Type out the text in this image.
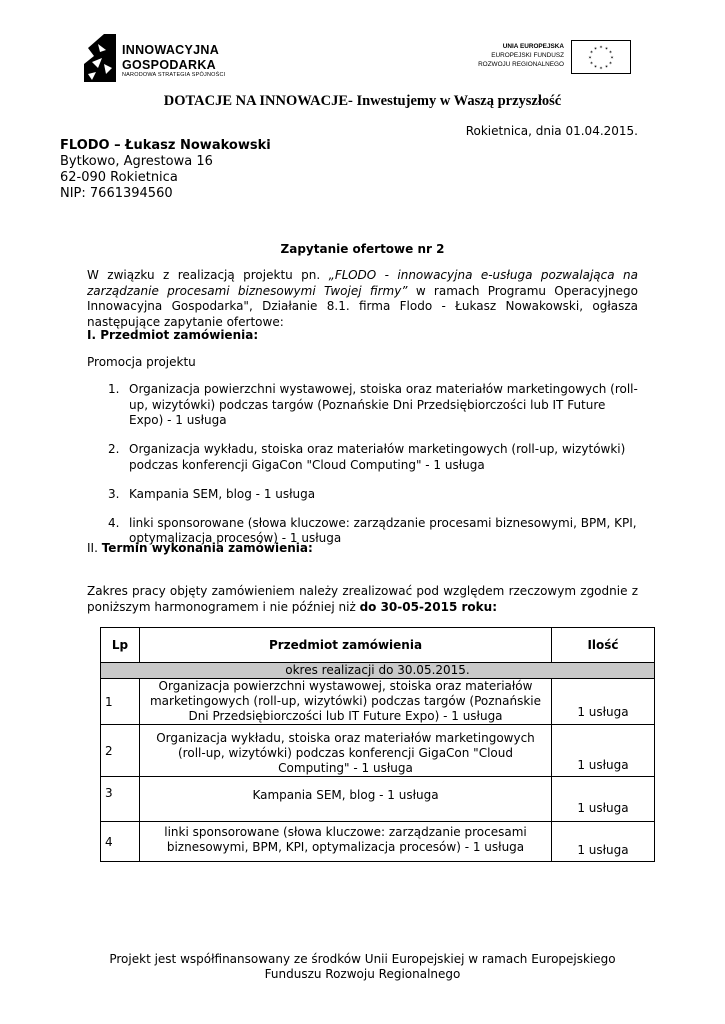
INNOWACYJNA
GOSPODARKA
NARODOWA STRATEGIA SPÓJNOŚCI
UNIA EUROPEJSKA
EUROPEJSKI FUNDUSZ
ROZWOJU REGIONALNEGO
✶ ✶
✶
✶
✶
✶
✶
✶
✶
✶
✶
✶
DOTACJE NA INNOWACJE- Inwestujemy w Waszą przyszłość
Rokietnica, dnia 01.04.2015.
FLODO – Łukasz Nowakowski
Bytkowo, Agrestowa 16
62-090 Rokietnica
NIP: 7661394560
Zapytanie ofertowe nr 2
W związku z realizacją projektu pn. „FLODO - innowacyjna e-usługa pozwalająca na zarządzanie procesami biznesowymi Twojej firmy” w ramach Programu Operacyjnego Innowacyjna Gospodarka", Działanie 8.1. firma Flodo - Łukasz Nowakowski, ogłasza następujące zapytanie ofertowe:
I. Przedmiot zamówienia:
Promocja projektu
1. Organizacja powierzchni wystawowej, stoiska oraz materiałów marketingowych (roll-up, wizytówki) podczas targów (Poznańskie Dni Przedsiębiorczości lub IT Future Expo) - 1 usługa
2. Organizacja wykładu, stoiska oraz materiałów marketingowych (roll-up, wizytówki) podczas konferencji GigaCon "Cloud Computing" - 1 usługa
3. Kampania SEM, blog - 1 usługa
4. linki sponsorowane (słowa kluczowe: zarządzanie procesami biznesowymi, BPM, KPI, optymalizacja procesów) - 1 usługa
II. Termin wykonania zamówienia:
Zakres pracy objęty zamówieniem należy zrealizować pod względem rzeczowym zgodnie z poniższym harmonogramem i nie później niż do 30-05-2015 roku:
Lp	Przedmiot zamówienia	Ilość
okres realizacji do 30.05.2015.		
1	Organizacja powierzchni wystawowej, stoiska oraz materiałów marketingowych (roll-up, wizytówki) podczas targów (Poznańskie Dni Przedsiębiorczości lub IT Future Expo) - 1 usługa	1 usługa
2	Organizacja wykładu, stoiska oraz materiałów marketingowych (roll-up, wizytówki) podczas konferencji GigaCon "Cloud Computing" - 1 usługa	1 usługa
3	Kampania SEM, blog - 1 usługa	1 usługa
4	linki sponsorowane (słowa kluczowe: zarządzanie procesami biznesowymi, BPM, KPI, optymalizacja procesów) - 1 usługa	1 usługa
Projekt jest współfinansowany ze środków Unii Europejskiej w ramach Europejskiego Funduszu Rozwoju Regionalnego
